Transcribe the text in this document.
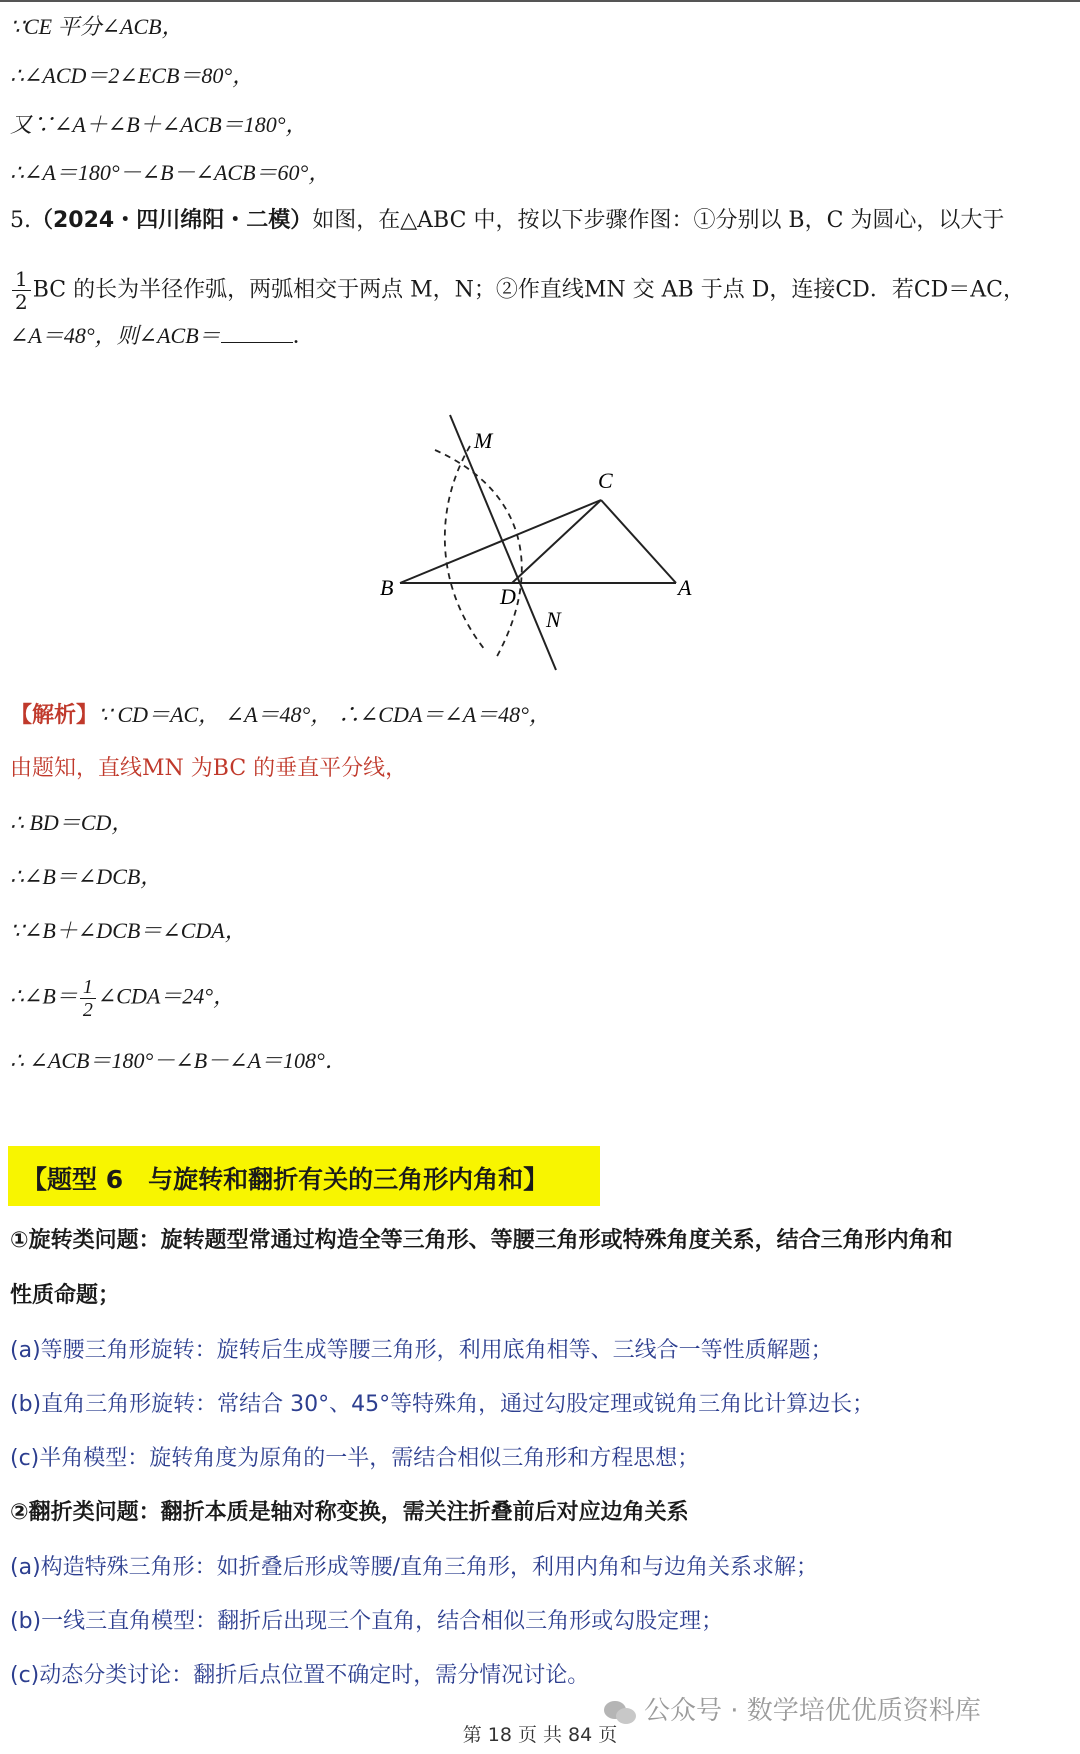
∵CE 平分∠ACB，
∴∠ACD＝2∠ECB＝80°，
又∵∠A＋∠B＋∠ACB＝180°，
∴∠A＝180°－∠B－∠ACB＝60°，
5.（2024・四川绵阳・二模）如图，在△ABC 中，按以下步骤作图：①分别以 B，C 为圆心，以大于
$\frac{1}{2}$ BC 的长为半径作弧，两弧相交于两点 M，N；②作直线MN 交 AB 于点 D，连接CD．若CD＝AC，
∠A＝48°，则∠ACB＝	．
M
C
B	A
D
N
【解析】∵ CD＝AC， ∠A＝48°， ∴∠CDA＝∠A＝48°，
由题知，直线MN 为BC 的垂直平分线，
∴ BD＝CD，
∴∠B＝∠DCB，
∵∠B＋∠DCB＝∠CDA，
∴∠B＝ $\frac{1}{2}$ ∠CDA＝24°，
∴ ∠ACB＝180°－∠B－∠A＝108°．
【题型 6　与旋转和翻折有关的三角形内角和】
①旋转类问题：旋转题型常通过构造全等三角形、等腰三角形或特殊角度关系，结合三角形内角和
性质命题；
(a)等腰三角形旋转：旋转后生成等腰三角形，利用底角相等、三线合一等性质解题；
(b)直角三角形旋转：常结合 30°、45°等特殊角，通过勾股定理或锐角三角比计算边长；
(c)半角模型：旋转角度为原角的一半，需结合相似三角形和方程思想；
②翻折类问题：翻折本质是轴对称变换，需关注折叠前后对应边角关系
(a)构造特殊三角形：如折叠后形成等腰/直角三角形，利用内角和与边角关系求解；
(b)一线三直角模型：翻折后出现三个直角，结合相似三角形或勾股定理；
(c)动态分类讨论：翻折后点位置不确定时，需分情况讨论。
公众号 · 数学培优优质资料库
第 18 页 共 84 页
